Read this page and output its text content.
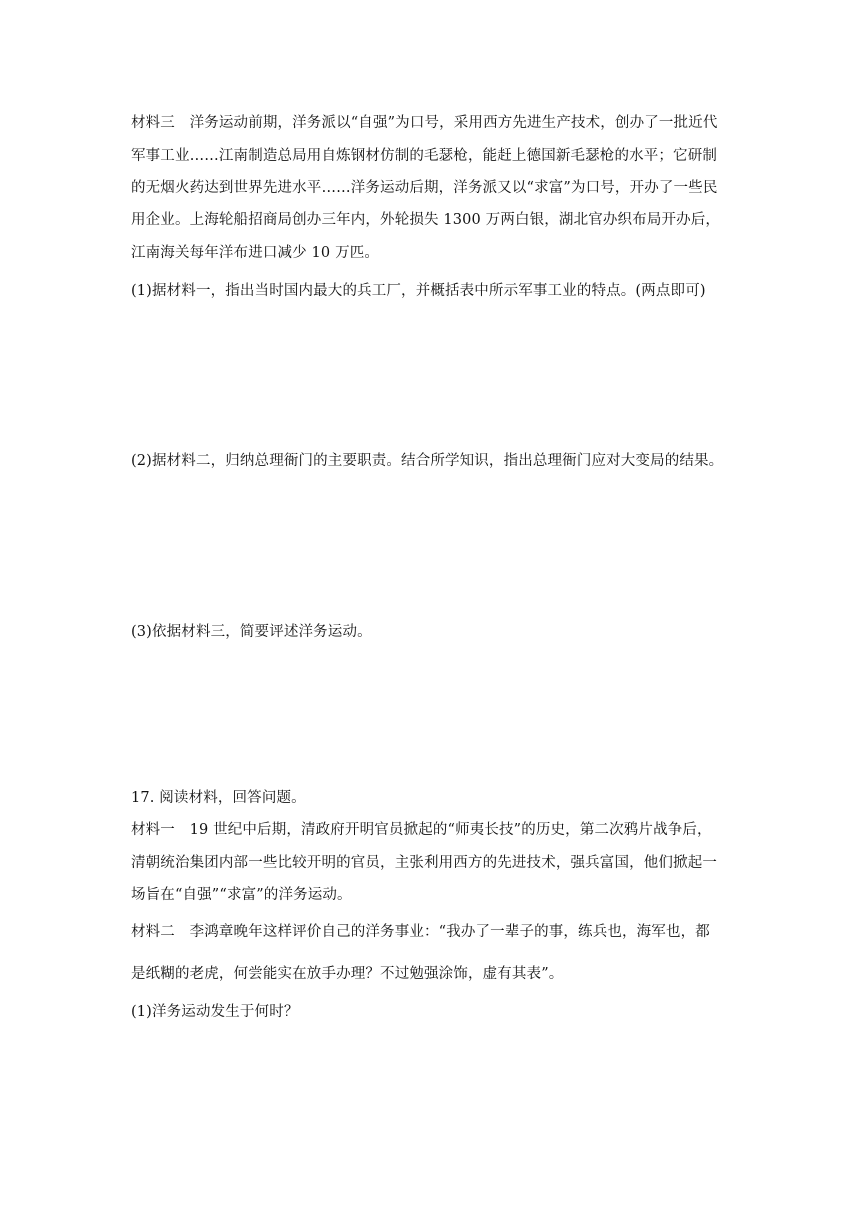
材料三　洋务运动前期，洋务派以“自强”为口号，采用西方先进生产技术，创办了一批近代
军事工业……江南制造总局用自炼钢材仿制的毛瑟枪，能赶上德国新毛瑟枪的水平；它研制
的无烟火药达到世界先进水平……洋务运动后期，洋务派又以“求富”为口号，开办了一些民
用企业。上海轮船招商局创办三年内，外轮损失 1300 万两白银，湖北官办织布局开办后，
江南海关每年洋布进口减少 10 万匹。
(1)据材料一，指出当时国内最大的兵工厂，并概括表中所示军事工业的特点。(两点即可)
(2)据材料二，归纳总理衙门的主要职责。结合所学知识，指出总理衙门应对大变局的结果。
(3)依据材料三，简要评述洋务运动。
17. 阅读材料，回答问题。
材料一　19 世纪中后期，清政府开明官员掀起的“师夷长技”的历史，第二次鸦片战争后，
清朝统治集团内部一些比较开明的官员，主张利用西方的先进技术，强兵富国，他们掀起一
场旨在“自强”“求富”的洋务运动。
材料二　李鸿章晚年这样评价自己的洋务事业：“我办了一辈子的事，练兵也，海军也，都
是纸糊的老虎，何尝能实在放手办理？不过勉强涂饰，虚有其表”。
(1)洋务运动发生于何时？
